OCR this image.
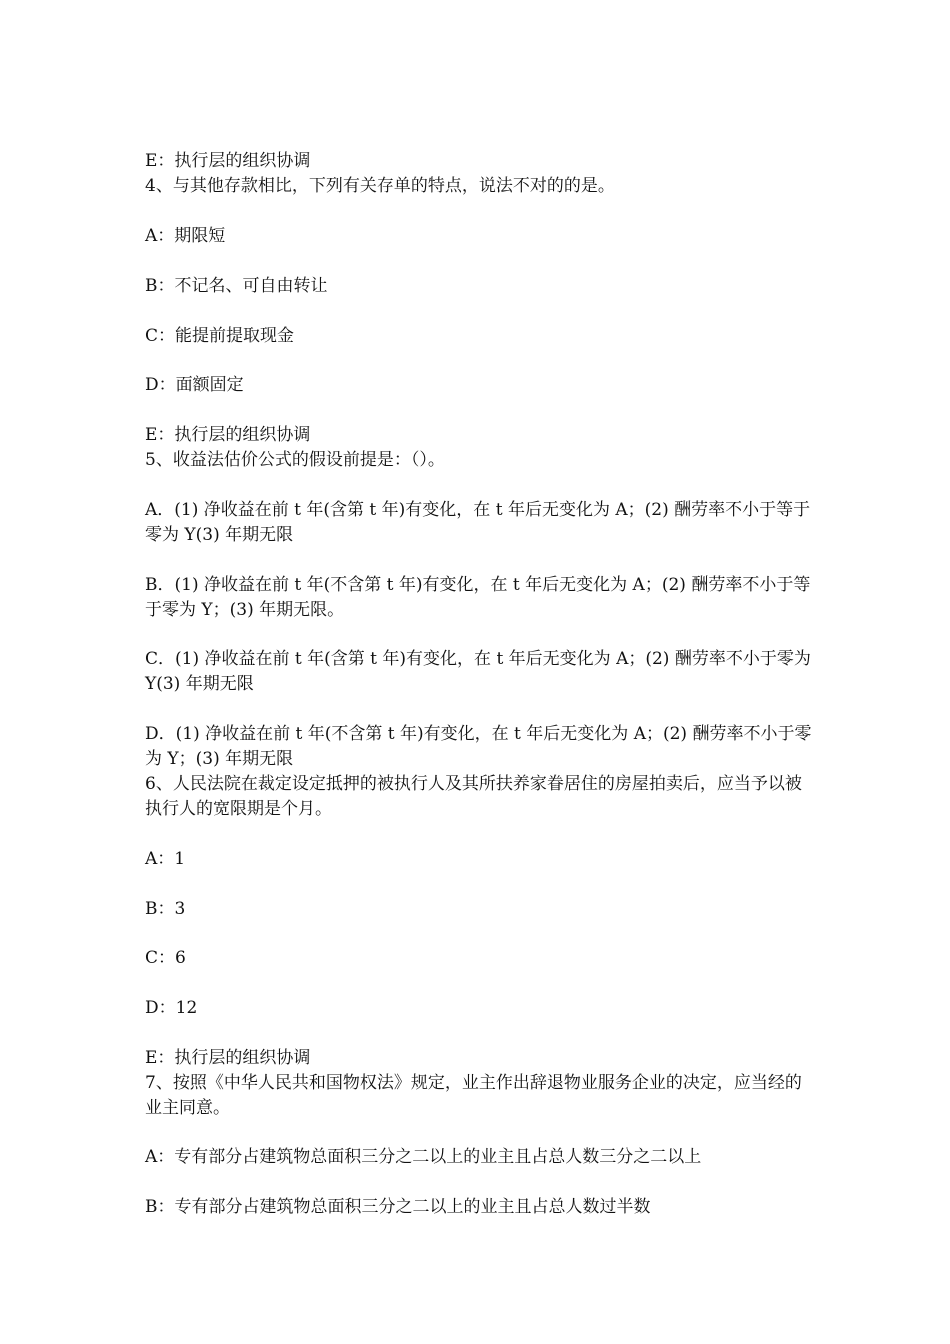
E：执行层的组织协调
4、与其他存款相比，下列有关存单的特点，说法不对的的是。
A：期限短
B：不记名、可自由转让
C：能提前提取现金
D：面额固定
E：执行层的组织协调
5、收益法估价公式的假设前提是：（）。
A．(1) 净收益在前 t 年(含第 t 年)有变化，在 t 年后无变化为 A；(2) 酬劳率不小于等于零为 Y(3) 年期无限
B．(1) 净收益在前 t 年(不含第 t 年)有变化，在 t 年后无变化为 A；(2) 酬劳率不小于等于零为 Y；(3) 年期无限。
C．(1) 净收益在前 t 年(含第 t 年)有变化，在 t 年后无变化为 A；(2) 酬劳率不小于零为 Y(3) 年期无限
D．(1) 净收益在前 t 年(不含第 t 年)有变化，在 t 年后无变化为 A；(2) 酬劳率不小于零为 Y；(3) 年期无限
6、人民法院在裁定设定抵押的被执行人及其所扶养家眷居住的房屋拍卖后，应当予以被执行人的宽限期是个月。
A：1
B：3
C：6
D：12
E：执行层的组织协调
7、按照《中华人民共和国物权法》规定，业主作出辞退物业服务企业的决定，应当经的业主同意。
A：专有部分占建筑物总面积三分之二以上的业主且占总人数三分之二以上
B：专有部分占建筑物总面积三分之二以上的业主且占总人数过半数
